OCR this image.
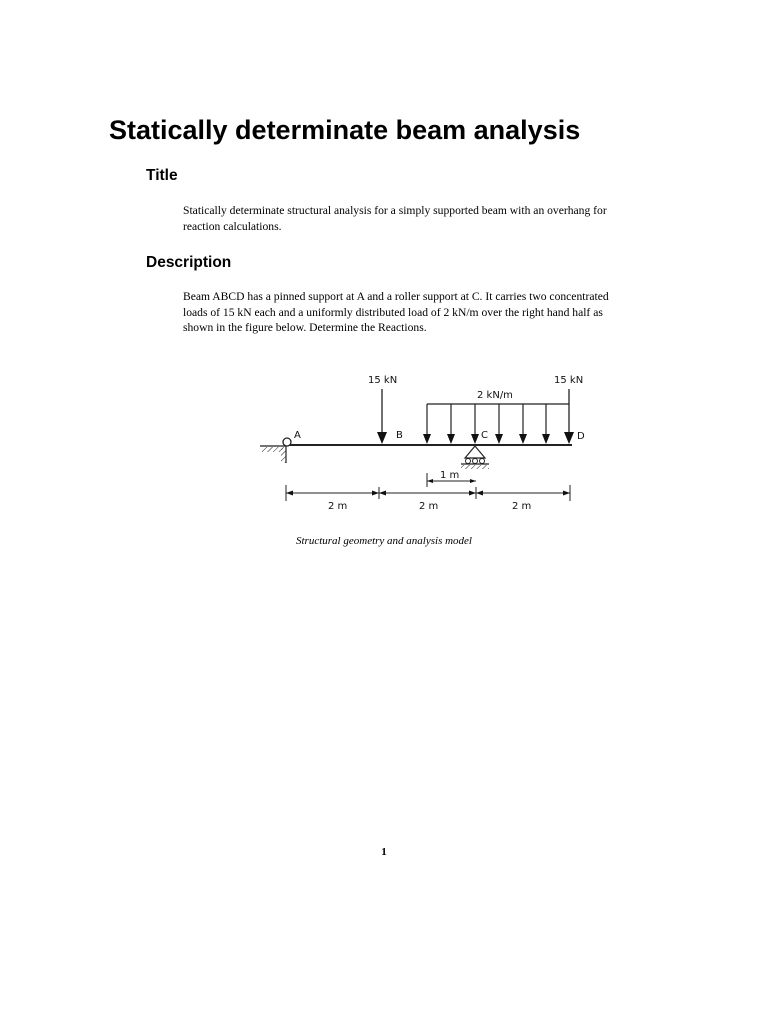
Statically determinate beam analysis
Title

Statically determinate structural analysis for a simply supported beam with an overhang for reaction calculations.

Description

Beam ABCD has a pinned support at A and a roller support at C. It carries two concentrated loads of 15 kN each and a uniformly distributed load of 2 kN/m over the right hand half as shown in the figure below. Determine the Reactions.

15 kN	15 kN
2 kN/m
A	B	C	D
1 m
2 m	2 m	2 m

Structural geometry and analysis model

1
